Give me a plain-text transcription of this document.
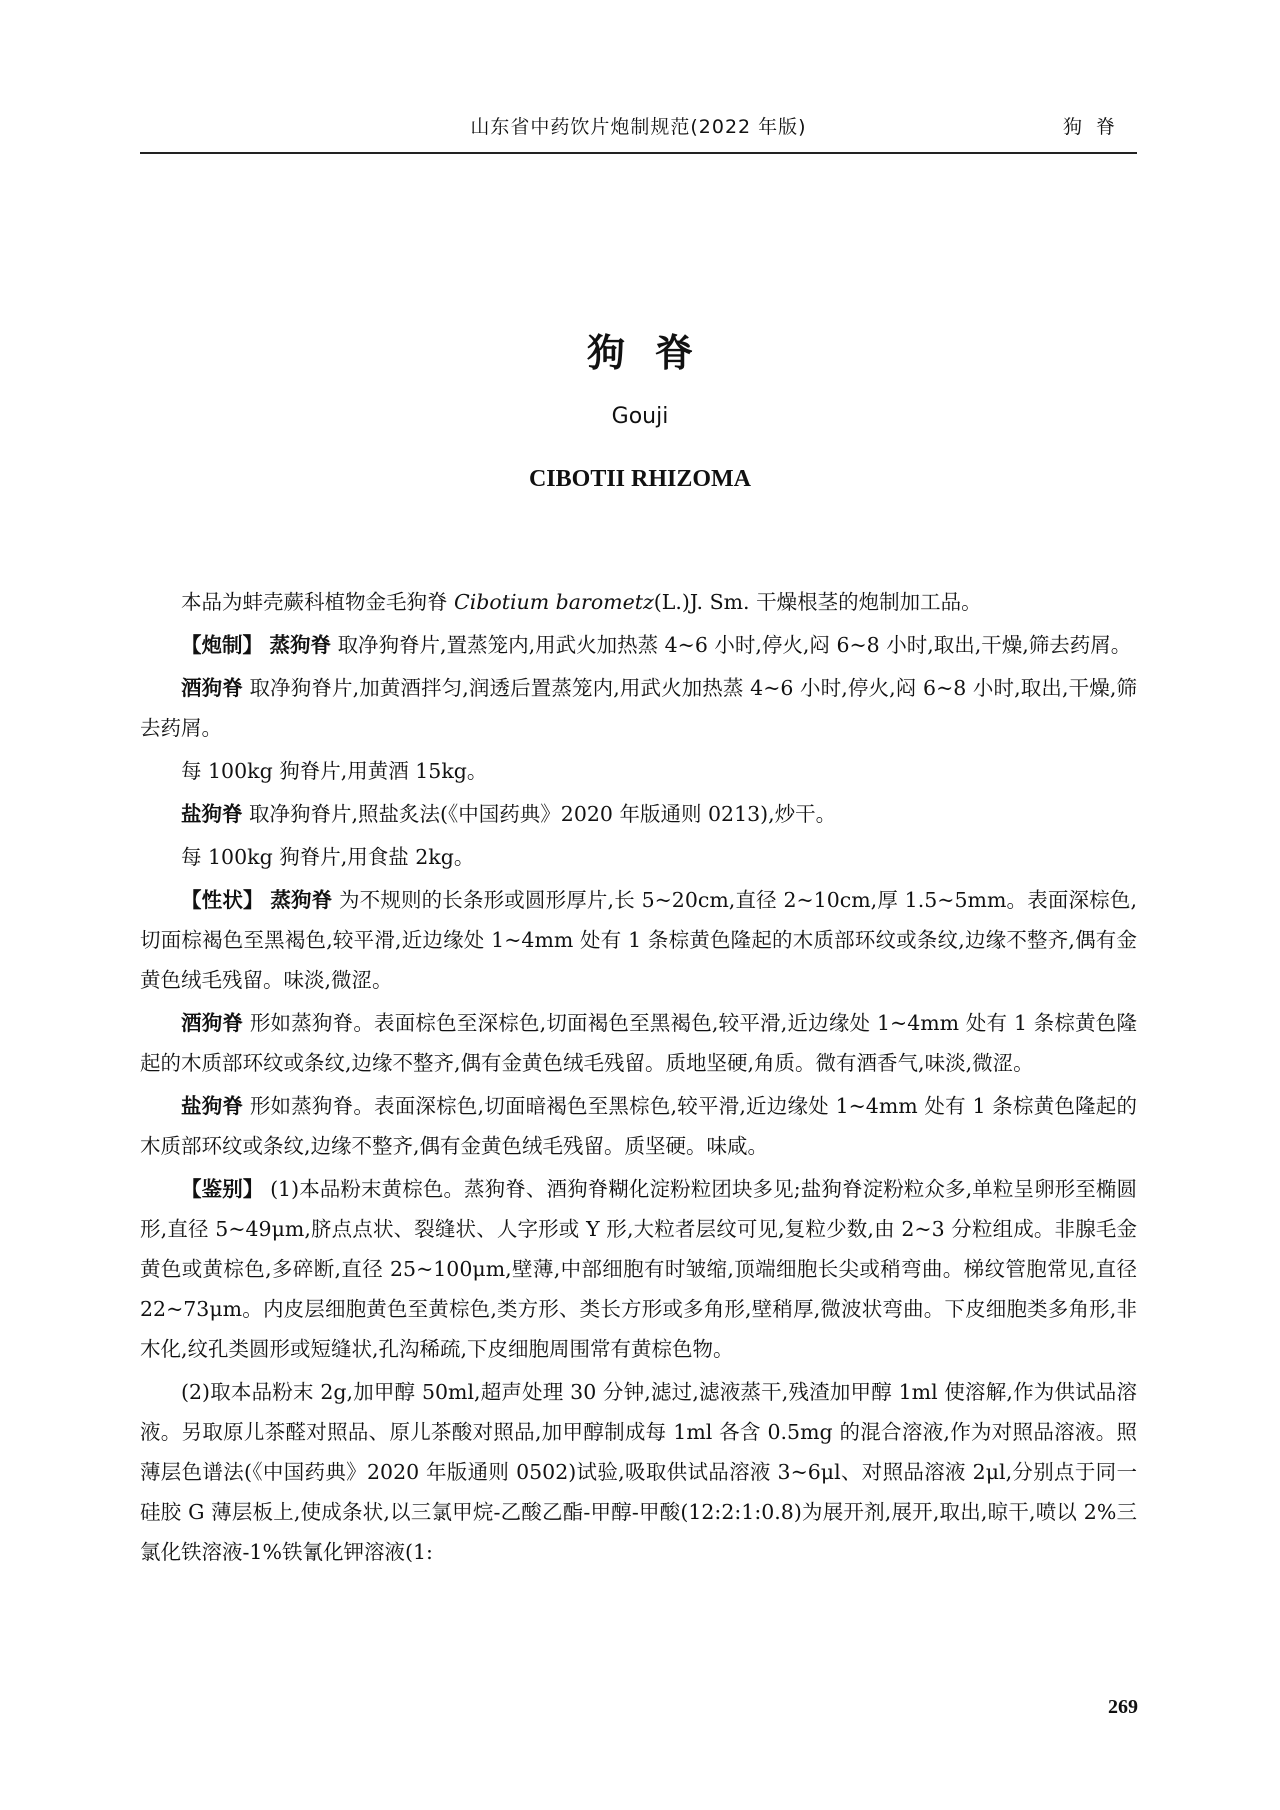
山东省中药饮片炮制规范(2022 年版)	狗脊
狗脊
Gouji
CIBOTII RHIZOMA

本品为蚌壳蕨科植物金毛狗脊 Cibotium barometz(L.)J. Sm. 干燥根茎的炮制加工品。

【炮制】 蒸狗脊 取净狗脊片,置蒸笼内,用武火加热蒸 4~6 小时,停火,闷 6~8 小时,取出,干燥,筛去药屑。

酒狗脊 取净狗脊片,加黄酒拌匀,润透后置蒸笼内,用武火加热蒸 4~6 小时,停火,闷 6~8 小时,取出,干燥,筛去药屑。

每 100kg 狗脊片,用黄酒 15kg。

盐狗脊 取净狗脊片,照盐炙法(《中国药典》2020 年版通则 0213),炒干。

每 100kg 狗脊片,用食盐 2kg。

【性状】 蒸狗脊 为不规则的长条形或圆形厚片,长 5~20cm,直径 2~10cm,厚 1.5~5mm。表面深棕色,切面棕褐色至黑褐色,较平滑,近边缘处 1~4mm 处有 1 条棕黄色隆起的木质部环纹或条纹,边缘不整齐,偶有金黄色绒毛残留。味淡,微涩。

酒狗脊 形如蒸狗脊。表面棕色至深棕色,切面褐色至黑褐色,较平滑,近边缘处 1~4mm 处有 1 条棕黄色隆起的木质部环纹或条纹,边缘不整齐,偶有金黄色绒毛残留。质地坚硬,角质。微有酒香气,味淡,微涩。

盐狗脊 形如蒸狗脊。表面深棕色,切面暗褐色至黑棕色,较平滑,近边缘处 1~4mm 处有 1 条棕黄色隆起的木质部环纹或条纹,边缘不整齐,偶有金黄色绒毛残留。质坚硬。味咸。

【鉴别】 (1)本品粉末黄棕色。蒸狗脊、酒狗脊糊化淀粉粒团块多见;盐狗脊淀粉粒众多,单粒呈卵形至椭圆形,直径 5~49μm,脐点点状、裂缝状、人字形或 Y 形,大粒者层纹可见,复粒少数,由 2~3 分粒组成。非腺毛金黄色或黄棕色,多碎断,直径 25~100μm,壁薄,中部细胞有时皱缩,顶端细胞长尖或稍弯曲。梯纹管胞常见,直径 22~73μm。内皮层细胞黄色至黄棕色,类方形、类长方形或多角形,壁稍厚,微波状弯曲。下皮细胞类多角形,非木化,纹孔类圆形或短缝状,孔沟稀疏,下皮细胞周围常有黄棕色物。

(2)取本品粉末 2g,加甲醇 50ml,超声处理 30 分钟,滤过,滤液蒸干,残渣加甲醇 1ml 使溶解,作为供试品溶液。另取原儿茶醛对照品、原儿茶酸对照品,加甲醇制成每 1ml 各含 0.5mg 的混合溶液,作为对照品溶液。照薄层色谱法(《中国药典》2020 年版通则 0502)试验,吸取供试品溶液 3~6μl、对照品溶液 2μl,分别点于同一硅胶 G 薄层板上,使成条状,以三氯甲烷-乙酸乙酯-甲醇-甲酸(12:2:1:0.8)为展开剂,展开,取出,晾干,喷以 2%三氯化铁溶液-1%铁氰化钾溶液(1:

269
